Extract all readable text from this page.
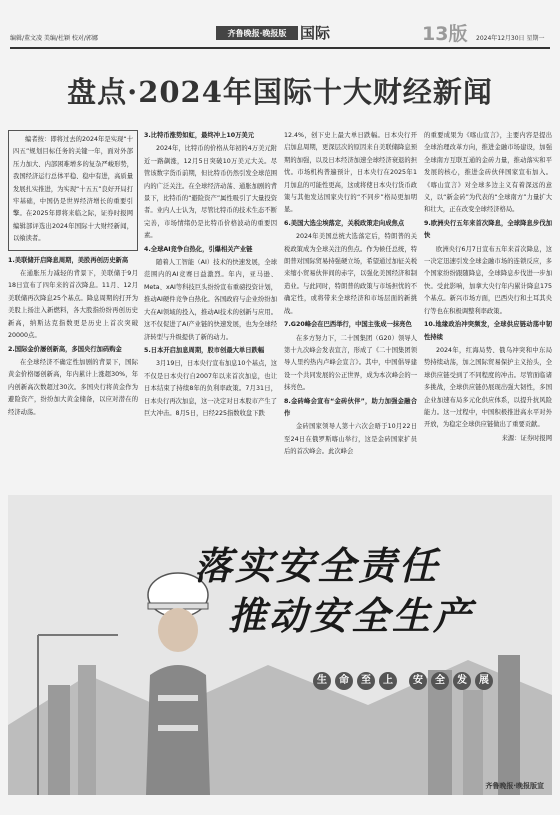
编辑/董文凌 美编/杜颖 校对/郭娜
齐鲁晚报·晚报版 国际	13版 2024年12月30日 星期一
盘点·2024年国际十大财经新闻

编者按：即将过去的2024年是实现“十四五”规划目标任务的关键一年，面对外部压力加大、内部困难增多的复杂严峻形势，我国经济运行总体平稳、稳中有进，高质量发展扎实推进，为实现“十五五”良好开局打牢基础，中国仍是世界经济增长的重要引擎。在2025年即将来临之际，证券时报网编辑部评选出2024年国际十大财经新闻，以飨读者。

1.美联储开启降息周期，美股再创历史新高

在通胀压力减轻的背景下，美联储于9月18日宣布了四年来的首次降息。11月、12月美联储再次降息25个基点。降息周期的打开为美股上扬注入新燃料，各大股指纷纷再创历史新高，纳斯达克指数更是历史上首次突破20000点。

2.国际金价屡创新高，多国央行加码购金

在全球经济不确定性加剧的背景下，国际黄金价格屡创新高，年内累计上涨超30%，年内创新高次数超过30次。多国央行将黄金作为避险资产，纷纷加大黄金储备，以应对潜在的经济动荡。

3.比特币涨势如虹，最终冲上10万美元

2024年，比特币的价格从年初的4万美元附近一路飙涨，12月5日突破10万美元大关。尽管该数字货币前期，但比特币仍然引发全球范围内的广泛关注。在全球经济动荡、通胀加剧的背景下，比特币的“避险资产”属性吸引了大量投资者。业内人士认为，尽管比特币的技术生态不断完善，市场情绪仍是比特币价格波动的重要因素。

4.全球AI竞争白热化，引爆相关产业链

随着人工智能（AI）技术的快速发展，全球范围内的AI竞赛日益激烈。年内，亚马逊、Meta、xAI等科技巨头纷纷宣布重磅投资计划，推动AI硬件竞争白热化。各国政府与企业纷纷加大在AI领域的投入，推动AI技术的创新与应用。这不仅促进了AI产业链的快速发展，也为全球经济转型与升级提供了新的动力。

5.日本开启加息周期，股市创最大单日跌幅

3月19日，日本央行宣布加息10个基点，这不仅是日本央行自2007年以来首次加息，也让日本结束了持续8年的负利率政策。7月31日，日本央行再次加息，这一决定对日本股市产生了巨大冲击。8月5日，日经225指数收盘下跌

12.4%，创下史上最大单日跌幅。日本央行开启加息周期，更深层次的原因来自美联储降息预期的加强，以及日本经济加速全球经济衰退的担忧。市场机构普遍预计，日本央行在2025年1月加息的可能性更高，这或将使日本央行货币政策与其他发达国家央行的“不同步”格局更加明显。

6.美国大选尘埃落定，关税政策走向成焦点

2024年美国总统大选落定后，特朗普的关税政策成为全球关注的焦点。作为候任总统，特朗普对国际贸易持强硬立场，希望通过加征关税来缩小贸易伙伴间的赤字，以强化美国经济和制造业。与此同时，特朗普的政策与市场担忧的不确定性，或将带来全球经济和市场层面的新挑战。

7.G20峰会在巴西举行，中国主张成一抹亮色

在多方努力下，二十国集团（G20）领导人第十九次峰会发表宣言，形成了《二十国集团领导人里约热内卢峰会宣言》。其中，中国倡导建设一个共同发展的公正世界，成为本次峰会的一抹亮色。

8.金砖峰会宣布“金砖伙伴”，助力加强金融合作

金砖国家领导人第十六次会晤于10月22日至24日在俄罗斯喀山举行，这是金砖国家扩员后的首次峰会。此次峰会

的重要成果为《喀山宣言》，主要内容是提出全球治理改革方向，推进金融市场建设，加强全球南方互联互通的金砖力量，推动落实和平发展的核心，推进金砖伙伴国家宣布加入。《喀山宣言》对全球多边主义有着深远的意义，以“新金砖”为代表的“全球南方”力量扩大和壮大，正在改变全球经济格局。

9.欧洲央行五年来首次降息，全球降息步伐加快

欧洲央行6月7日宣布五年来首次降息，这一决定迅速引发全球金融市场的连锁反应，多个国家纷纷跟随降息，全球降息步伐进一步加快。受此影响，加拿大央行年内累计降息175个基点。新兴市场方面，巴西央行和土耳其央行等也在积极调整利率政策。

10.地缘政治冲突频发，全球供应链动荡中韧性持续

2024年，红海局势、俄乌冲突和中东局势持续动荡，加之国际贸易保护主义抬头，全球供应链受到了不同程度的冲击。尽管面临诸多挑战，全球供应链仍展现出强大韧性，多国企业加速布局多元化供应体系，以提升抗风险能力。这一过程中，中国积极推进高水平对外开放，为稳定全球供应链做出了重要贡献。

来源：证券时报网

落实安全责任
推动安全生产
生	命	至	上	安	全	发	展
齐鲁晚报·晚报版宣
